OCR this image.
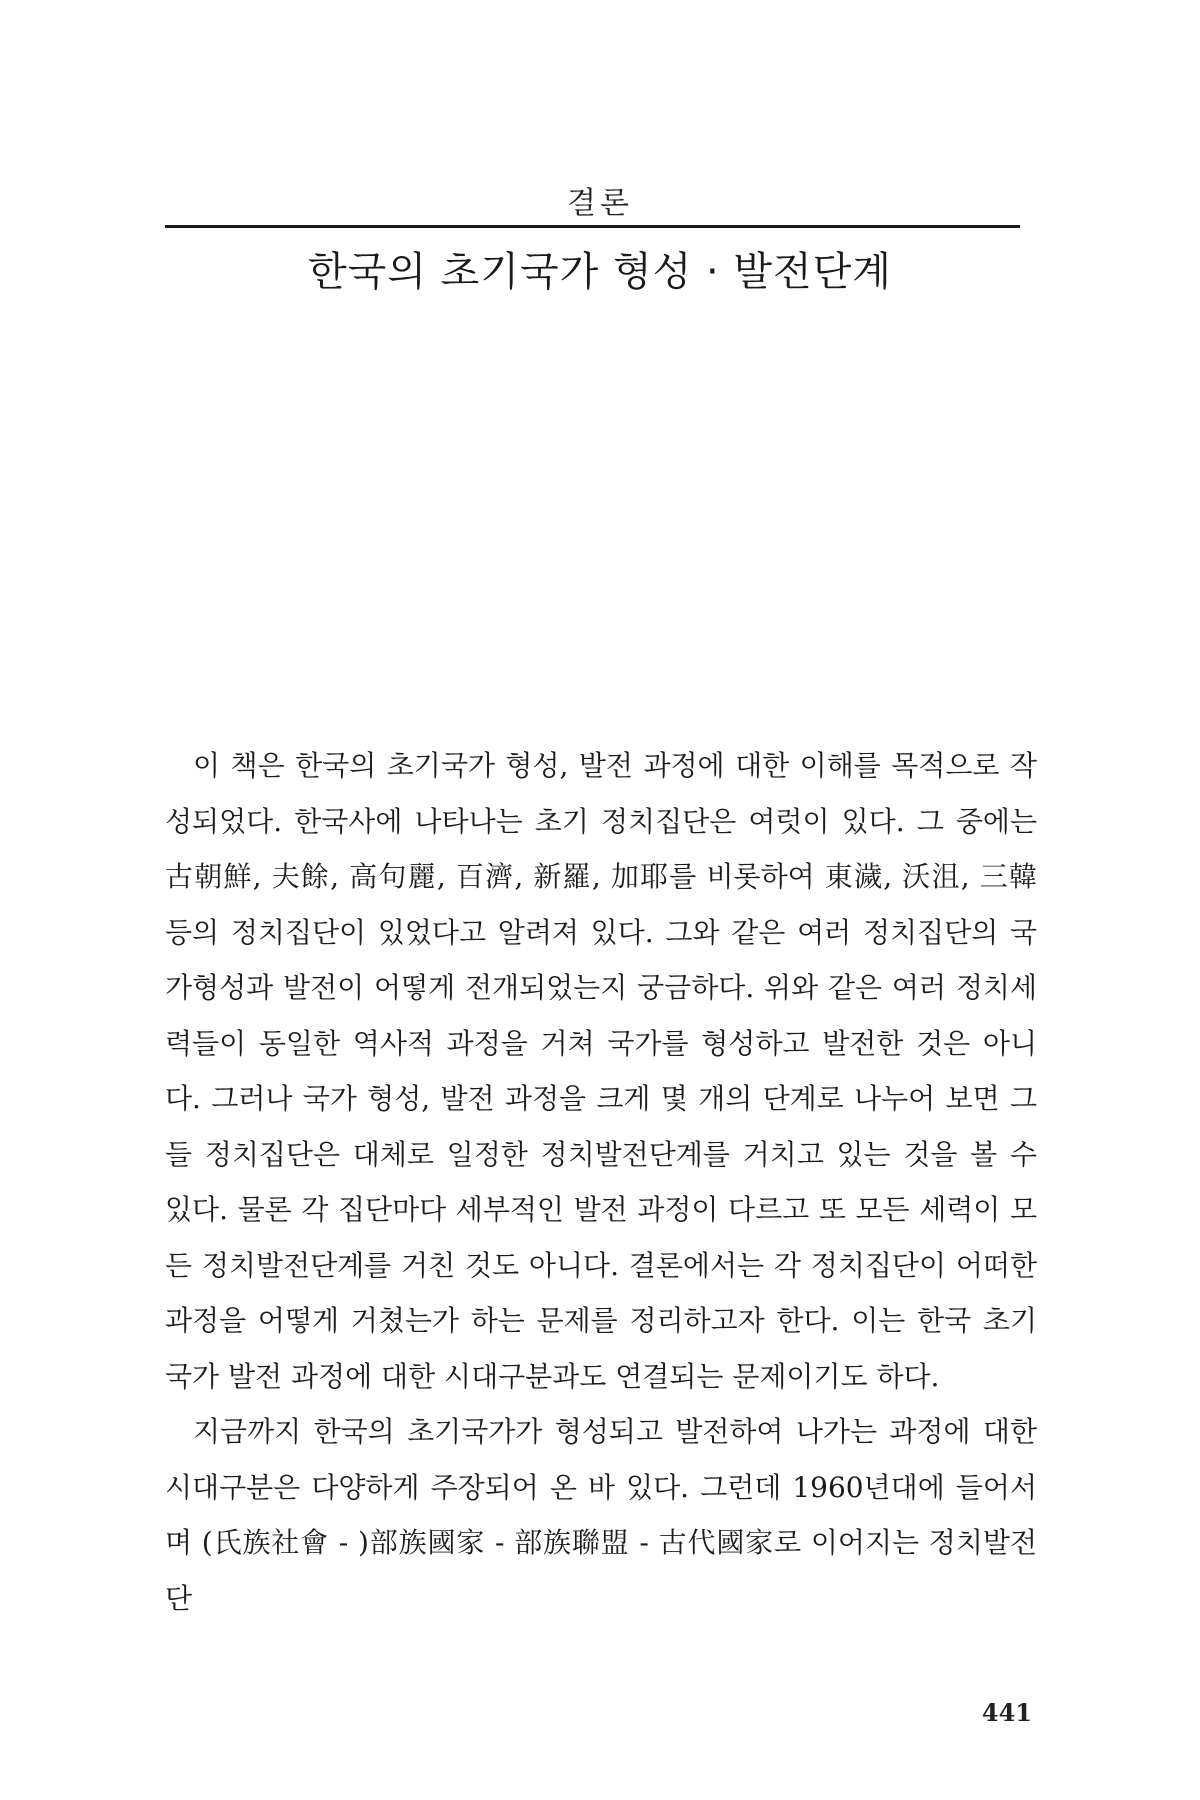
결론
한국의 초기국가 형성 · 발전단계

이 책은 한국의 초기국가 형성, 발전 과정에 대한 이해를 목적으로 작성되었다. 한국사에 나타나는 초기 정치집단은 여럿이 있다. 그 중에는 古朝鮮, 夫餘, 高句麗, 百濟, 新羅, 加耶를 비롯하여 東濊, 沃沮, 三韓 등의 정치집단이 있었다고 알려져 있다. 그와 같은 여러 정치집단의 국가형성과 발전이 어떻게 전개되었는지 궁금하다. 위와 같은 여러 정치세력들이 동일한 역사적 과정을 거쳐 국가를 형성하고 발전한 것은 아니다. 그러나 국가 형성, 발전 과정을 크게 몇 개의 단계로 나누어 보면 그들 정치집단은 대체로 일정한 정치발전단계를 거치고 있는 것을 볼 수 있다. 물론 각 집단마다 세부적인 발전 과정이 다르고 또 모든 세력이 모든 정치발전단계를 거친 것도 아니다. 결론에서는 각 정치집단이 어떠한 과정을 어떻게 거쳤는가 하는 문제를 정리하고자 한다. 이는 한국 초기국가 발전 과정에 대한 시대구분과도 연결되는 문제이기도 하다.

지금까지 한국의 초기국가가 형성되고 발전하여 나가는 과정에 대한 시대구분은 다양하게 주장되어 온 바 있다. 그런데 1960년대에 들어서며 (氏族社會 - )部族國家 - 部族聯盟 - 古代國家로 이어지는 정치발전단

441
